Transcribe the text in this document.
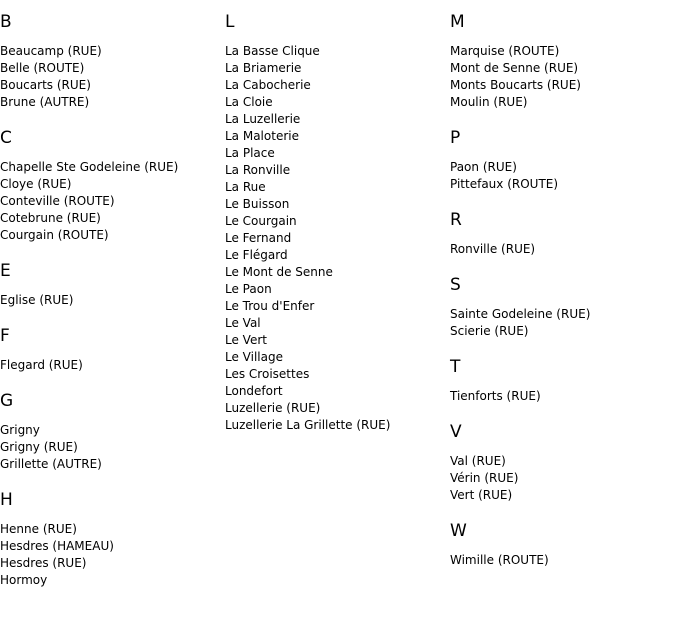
B
Beaucamp (RUE)
Belle (ROUTE)
Boucarts (RUE)
Brune (AUTRE)
C
Chapelle Ste Godeleine (RUE)
Cloye (RUE)
Conteville (ROUTE)
Cotebrune (RUE)
Courgain (ROUTE)
E
Eglise (RUE)
F
Flegard (RUE)
G
Grigny
Grigny (RUE)
Grillette (AUTRE)
H
Henne (RUE)
Hesdres (HAMEAU)
Hesdres (RUE)
Hormoy
L
La Basse Clique
La Briamerie
La Cabocherie
La Cloie
La Luzellerie
La Maloterie
La Place
La Ronville
La Rue
Le Buisson
Le Courgain
Le Fernand
Le Flégard
Le Mont de Senne
Le Paon
Le Trou d'Enfer
Le Val
Le Vert
Le Village
Les Croisettes
Londefort
Luzellerie (RUE)
Luzellerie La Grillette (RUE)
M
Marquise (ROUTE)
Mont de Senne (RUE)
Monts Boucarts (RUE)
Moulin (RUE)
P
Paon (RUE)
Pittefaux (ROUTE)
R
Ronville (RUE)
S
Sainte Godeleine (RUE)
Scierie (RUE)
T
Tienforts (RUE)
V
Val (RUE)
Vérin (RUE)
Vert (RUE)
W
Wimille (ROUTE)
